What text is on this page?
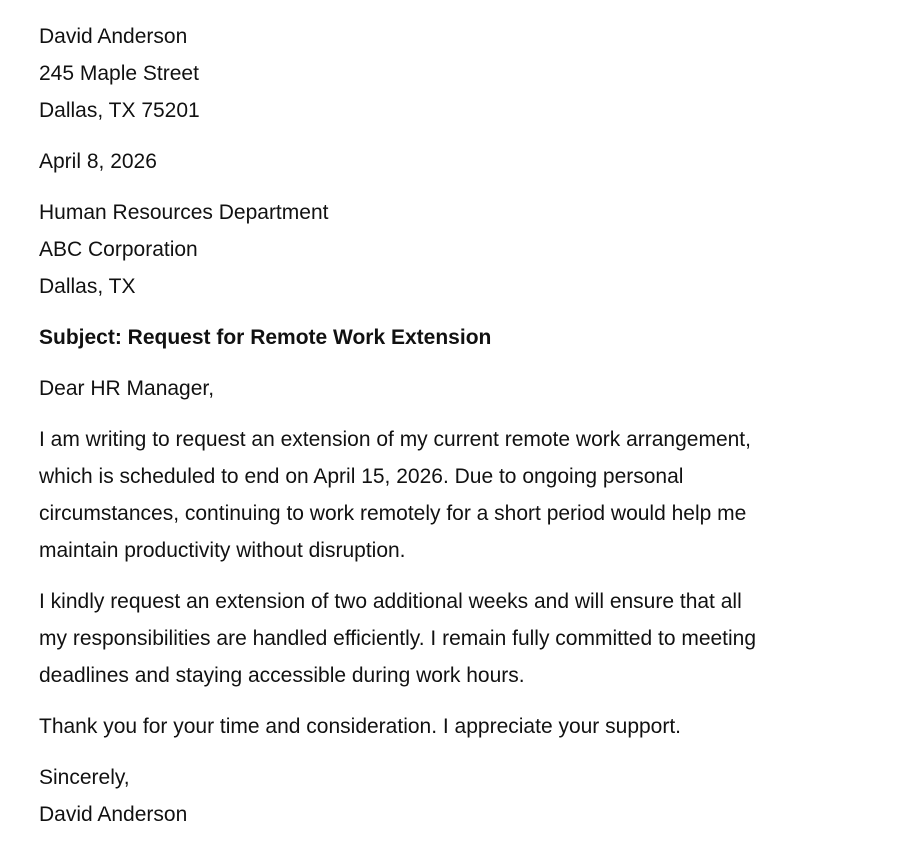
David Anderson
245 Maple Street
Dallas, TX 75201
April 8, 2026
Human Resources Department
ABC Corporation
Dallas, TX
Subject: Request for Remote Work Extension
Dear HR Manager,
I am writing to request an extension of my current remote work arrangement,
which is scheduled to end on April 15, 2026. Due to ongoing personal
circumstances, continuing to work remotely for a short period would help me
maintain productivity without disruption.
I kindly request an extension of two additional weeks and will ensure that all
my responsibilities are handled efficiently. I remain fully committed to meeting
deadlines and staying accessible during work hours.
Thank you for your time and consideration. I appreciate your support.
Sincerely,
David Anderson
